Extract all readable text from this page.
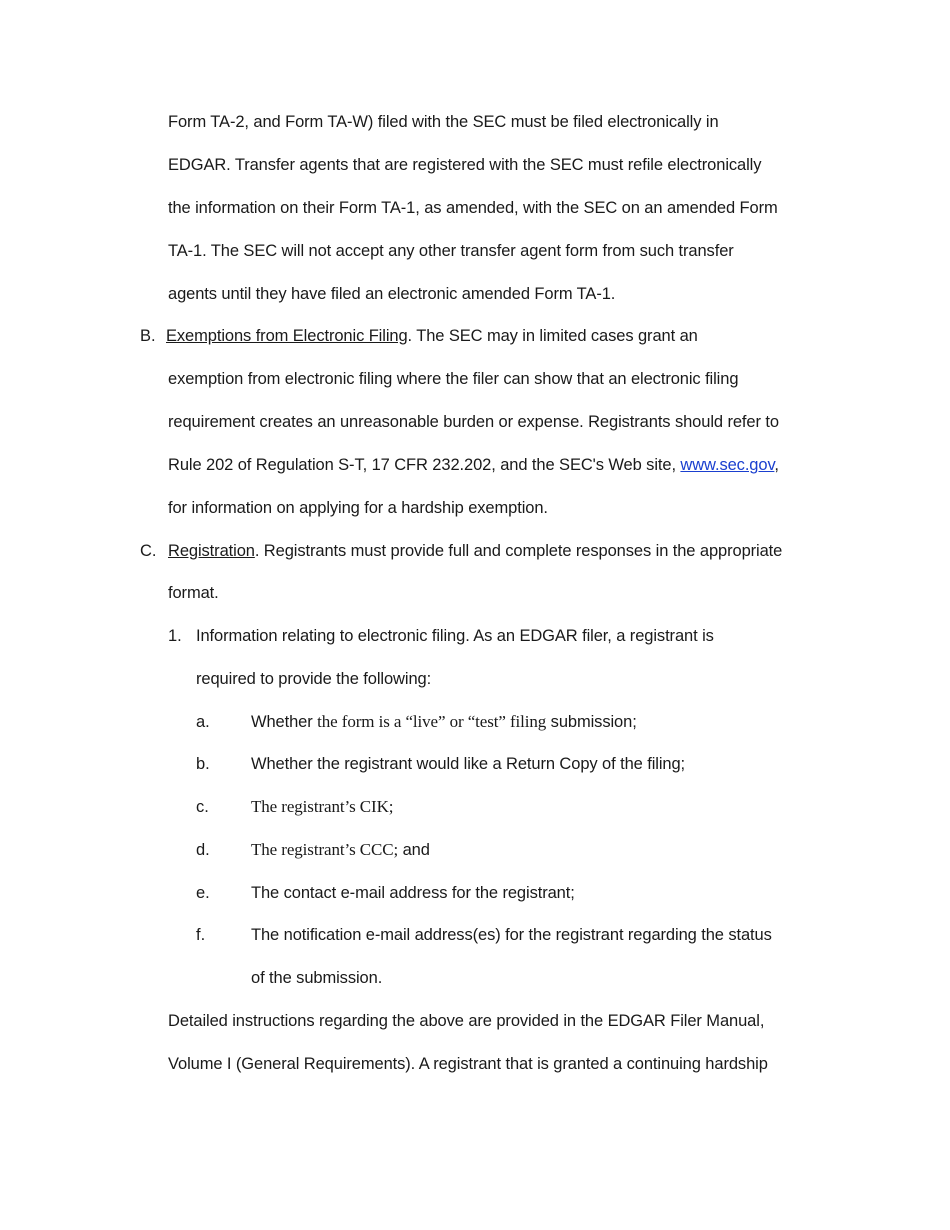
Form TA-2, and Form TA-W) filed with the SEC must be filed electronically in
EDGAR. Transfer agents that are registered with the SEC must refile electronically
the information on their Form TA-1, as amended, with the SEC on an amended Form
TA-1. The SEC will not accept any other transfer agent form from such transfer
agents until they have filed an electronic amended Form TA-1.
B. Exemptions from Electronic Filing. The SEC may in limited cases grant an
exemption from electronic filing where the filer can show that an electronic filing
requirement creates an unreasonable burden or expense. Registrants should refer to
Rule 202 of Regulation S-T, 17 CFR 232.202, and the SEC's Web site, www.sec.gov,
for information on applying for a hardship exemption.
C. Registration. Registrants must provide full and complete responses in the appropriate
format.
1. Information relating to electronic filing. As an EDGAR filer, a registrant is
required to provide the following:
a. Whether the form is a “live” or “test” filing submission;
b. Whether the registrant would like a Return Copy of the filing;
c. The registrant’s CIK;
d. The registrant’s CCC; and
e. The contact e-mail address for the registrant;
f.	The notification e-mail address(es) for the registrant regarding the status
of the submission.
Detailed instructions regarding the above are provided in the EDGAR Filer Manual,
Volume I (General Requirements). A registrant that is granted a continuing hardship
